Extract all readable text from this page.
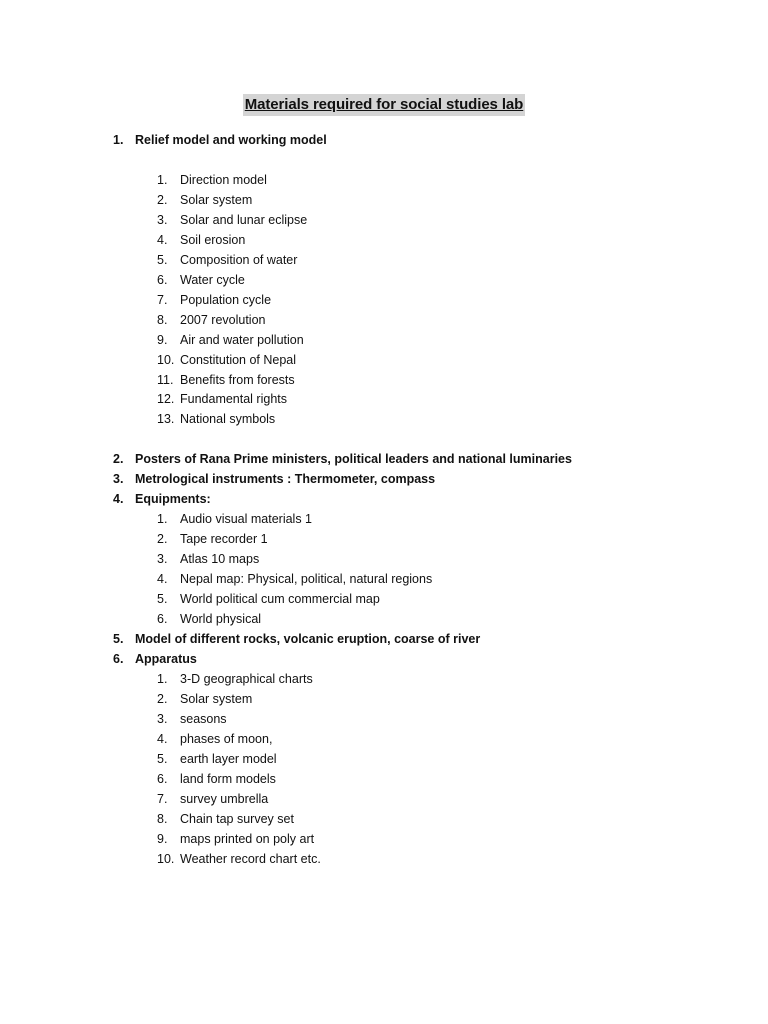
Materials required for social studies lab
1. Relief model and working model
1. Direction model
2. Solar system
3. Solar and lunar eclipse
4. Soil erosion
5. Composition of water
6. Water cycle
7. Population cycle
8. 2007 revolution
9. Air and water pollution
10. Constitution of Nepal
11. Benefits from forests
12. Fundamental rights
13. National symbols
2. Posters of Rana Prime ministers, political leaders and national luminaries
3. Metrological instruments : Thermometer, compass
4. Equipments:
1. Audio visual materials 1
2. Tape recorder 1
3. Atlas 10 maps
4. Nepal map: Physical, political, natural regions
5. World political cum commercial map
6. World physical
5. Model of different rocks, volcanic eruption, coarse of river
6. Apparatus
1. 3-D geographical charts
2. Solar system
3. seasons
4. phases of moon,
5. earth layer model
6. land form models
7. survey umbrella
8. Chain tap survey set
9. maps printed on poly art
10. Weather record chart etc.
